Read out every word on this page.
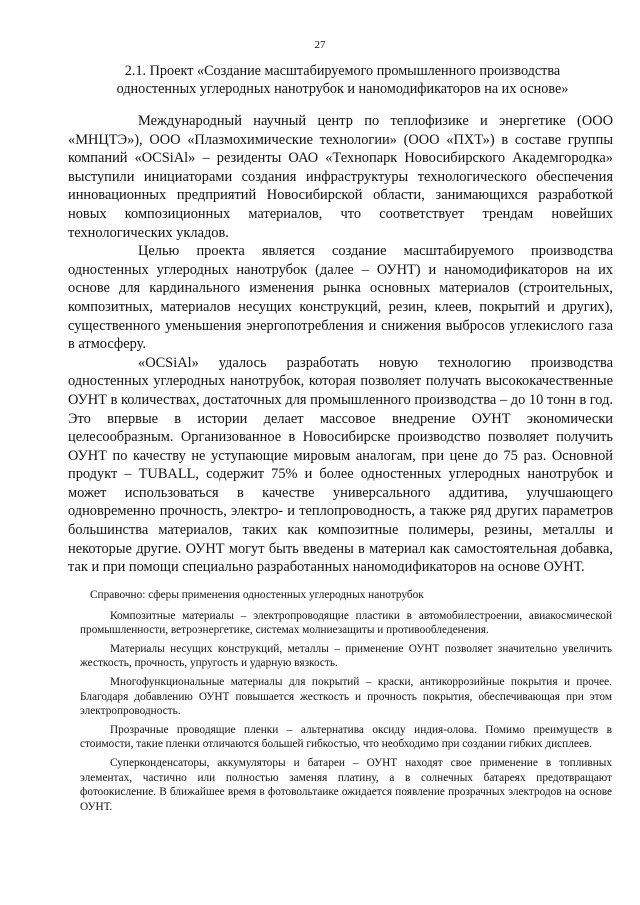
27

2.1. Проект «Создание масштабируемого промышленного производства

одностенных углеродных нанотрубок и наномодификаторов на их основе»

Международный научный центр по теплофизике и энергетике (ООО «МНЦТЭ»), ООО «Плазмохимические технологии» (ООО «ПХТ») в составе группы компаний «OCSiAl» – резиденты ОАО «Технопарк Новосибирского Академгородка» выступили инициаторами создания инфраструктуры технологического обеспечения инновационных предприятий Новосибирской области, занимающихся разработкой новых композиционных материалов, что соответствует трендам новейших технологических укладов.

Целью проекта является создание масштабируемого производства одностенных углеродных нанотрубок (далее – ОУНТ) и наномодификаторов на их основе для кардинального изменения рынка основных материалов (строительных, композитных, материалов несущих конструкций, резин, клеев, покрытий и других), существенного уменьшения энергопотребления и снижения выбросов углекислого газа в атмосферу.

«OCSiAl» удалось разработать новую технологию производства одностенных углеродных нанотрубок, которая позволяет получать высококачественные ОУНТ в количествах, достаточных для промышленного производства – до 10 тонн в год. Это впервые в истории делает массовое внедрение ОУНТ экономически целесообразным. Организованное в Новосибирске производство позволяет получить ОУНТ по качеству не уступающие мировым аналогам, при цене до 75 раз. Основной продукт – TUBALL, содержит 75% и более одностенных углеродных нанотрубок и может использоваться в качестве универсального аддитива, улучшающего одновременно прочность, электро- и теплопроводность, а также ряд других параметров большинства материалов, таких как композитные полимеры, резины, металлы и некоторые другие. ОУНТ могут быть введены в материал как самостоятельная добавка, так и при помощи специально разработанных наномодификаторов на основе ОУНТ.

Справочно: сферы применения одностенных углеродных нанотрубок

Композитные материалы – электропроводящие пластики в автомобилестроении, авиакосмической промышленности, ветроэнергетике, системах молниезащиты и противообледенения.

Материалы несущих конструкций, металлы – применение ОУНТ позволяет значительно увеличить жесткость, прочность, упругость и ударную вязкость.

Многофункциональные материалы для покрытий – краски, антикоррозийные покрытия и прочее. Благодаря добавлению ОУНТ повышается жесткость и прочность покрытия, обеспечивающая при этом электропроводность.

Прозрачные проводящие пленки – альтернатива оксиду индия-олова. Помимо преимуществ в стоимости, такие пленки отличаются большей гибкостью, что необходимо при создании гибких дисплеев.

Суперконденсаторы, аккумуляторы и батареи – ОУНТ находят свое применение в топливных элементах, частично или полностью заменяя платину, а в солнечных батареях предотвращают фотоокисление. В ближайшее время в фотовольтаике ожидается появление прозрачных электродов на основе ОУНТ.
